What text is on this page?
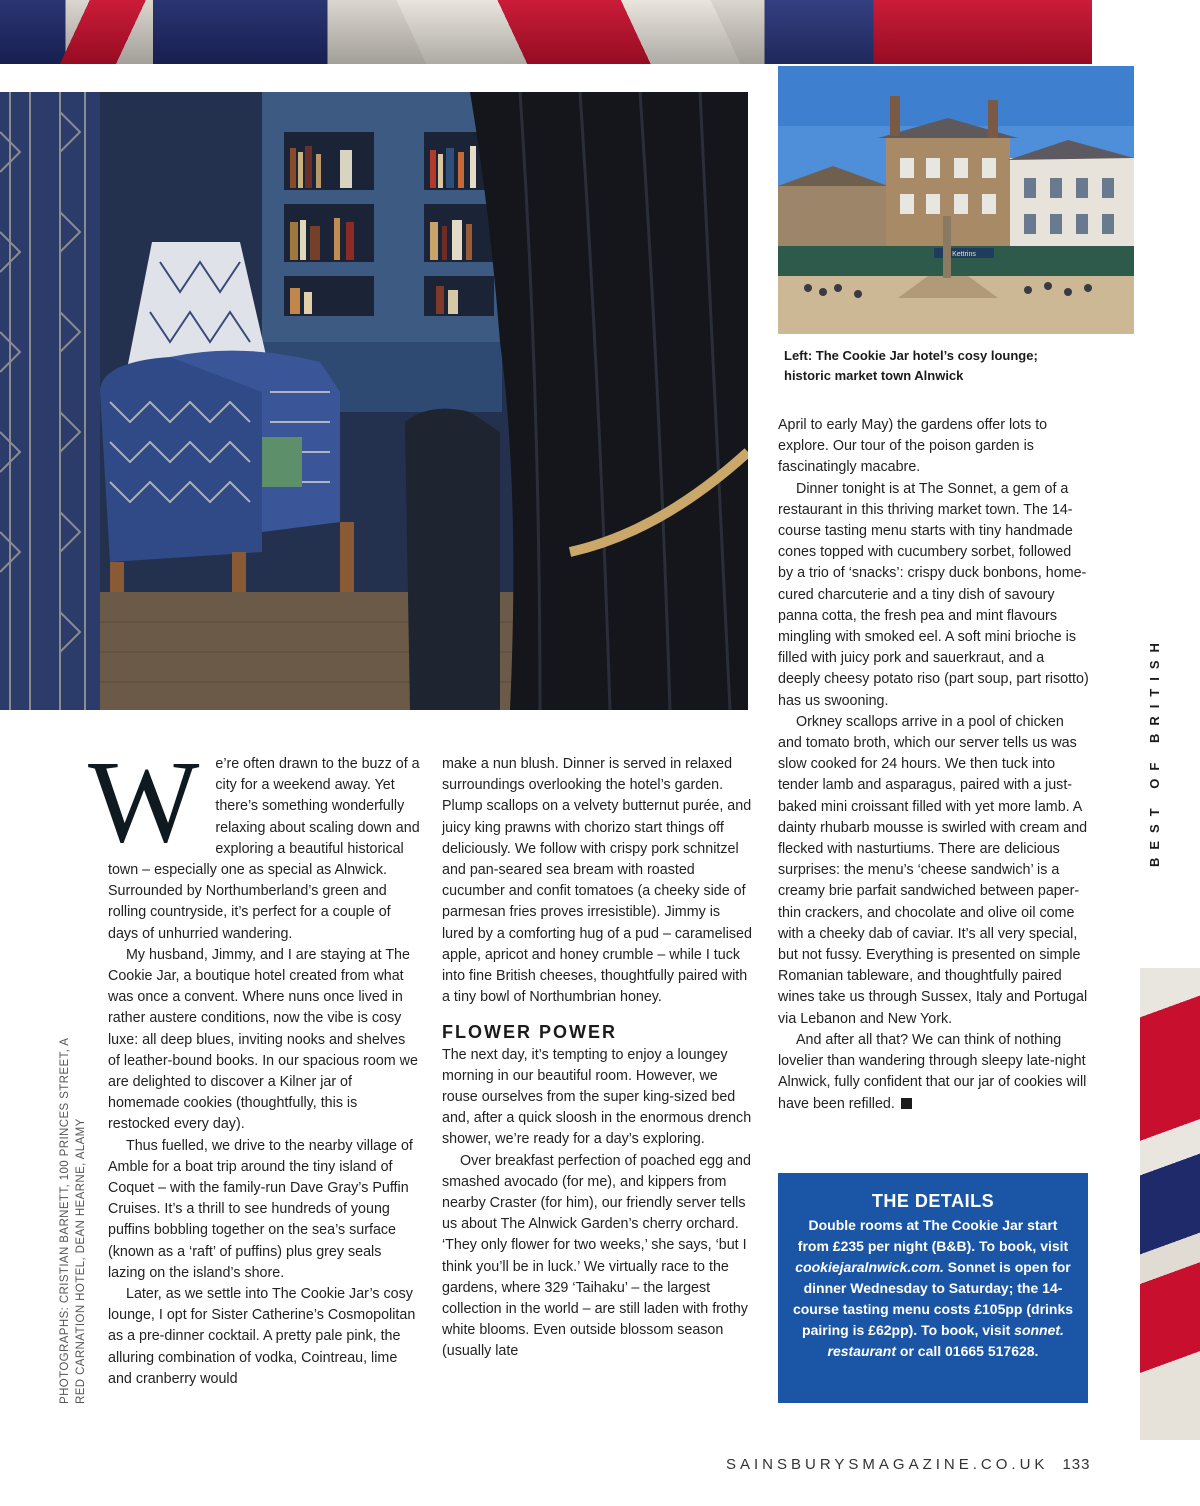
Kettrins
Left: The Cookie Jar hotel’s cosy lounge; historic market town Alnwick

W e’re often drawn to the buzz of a city for a weekend away. Yet there’s something wonderfully relaxing about scaling down and exploring a beautiful historical town – especially one as special as Alnwick. Surrounded by Northumberland’s green and rolling countryside, it’s perfect for a couple of days of unhurried wandering.

My husband, Jimmy, and I are staying at The Cookie Jar, a boutique hotel created from what was once a convent. Where nuns once lived in rather austere conditions, now the vibe is cosy luxe: all deep blues, inviting nooks and shelves of leather-bound books. In our spacious room we are delighted to discover a Kilner jar of homemade cookies (thoughtfully, this is restocked every day).

Thus fuelled, we drive to the nearby village of Amble for a boat trip around the tiny island of Coquet – with the family-run Dave Gray’s Puffin Cruises. It’s a thrill to see hundreds of young puffins bobbling together on the sea’s surface (known as a ‘raft’ of puffins) plus grey seals lazing on the island’s shore.

Later, as we settle into The Cookie Jar’s cosy lounge, I opt for Sister Catherine’s Cosmopolitan as a pre-dinner cocktail. A pretty pale pink, the alluring combination of vodka, Cointreau, lime and cranberry would

make a nun blush. Dinner is served in relaxed surroundings overlooking the hotel’s garden. Plump scallops on a velvety butternut purée, and juicy king prawns with chorizo start things off deliciously. We follow with crispy pork schnitzel and pan-seared sea bream with roasted cucumber and confit tomatoes (a cheeky side of parmesan fries proves irresistible). Jimmy is lured by a comforting hug of a pud – caramelised apple, apricot and honey crumble – while I tuck into fine British cheeses, thoughtfully paired with a tiny bowl of Northumbrian honey.

FLOWER POWER

The next day, it’s tempting to enjoy a loungey morning in our beautiful room. However, we rouse ourselves from the super king-sized bed and, after a quick sloosh in the enormous drench shower, we’re ready for a day’s exploring.

Over breakfast perfection of poached egg and smashed avocado (for me), and kippers from nearby Craster (for him), our friendly server tells us about The Alnwick Garden’s cherry orchard. ‘They only flower for two weeks,’ she says, ‘but I think you’ll be in luck.’ We virtually race to the gardens, where 329 ‘Taihaku’ – the largest collection in the world – are still laden with frothy white blooms. Even outside blossom season (usually late

April to early May) the gardens offer lots to explore. Our tour of the poison garden is fascinatingly macabre.

Dinner tonight is at The Sonnet, a gem of a restaurant in this thriving market town. The 14-course tasting menu starts with tiny handmade cones topped with cucumbery sorbet, followed by a trio of ‘snacks’: crispy duck bonbons, home-cured charcuterie and a tiny dish of savoury panna cotta, the fresh pea and mint flavours mingling with smoked eel. A soft mini brioche is filled with juicy pork and sauerkraut, and a deeply cheesy potato riso (part soup, part risotto) has us swooning.

Orkney scallops arrive in a pool of chicken and tomato broth, which our server tells us was slow cooked for 24 hours. We then tuck into tender lamb and asparagus, paired with a just-baked mini croissant filled with yet more lamb. A dainty rhubarb mousse is swirled with cream and flecked with nasturtiums. There are delicious surprises: the menu’s ‘cheese sandwich’ is a creamy brie parfait sandwiched between paper-thin crackers, and chocolate and olive oil come with a cheeky dab of caviar. It’s all very special, but not fussy. Everything is presented on simple Romanian tableware, and thoughtfully paired wines take us through Sussex, Italy and Portugal via Lebanon and New York.

And after all that? We can think of nothing lovelier than wandering through sleepy late-night Alnwick, fully confident that our jar of cookies will have been refilled.

BEST OF BRITISH
PHOTOGRAPHS: CRISTIAN BARNETT, 100 PRINCES STREET, A RED CARNATION HOTEL, DEAN HEARNE, ALAMY	THE DETAILS
Double rooms at The Cookie Jar start from £235 per night (B&B). To book, visit cookiejaralnwick.com. Sonnet is open for dinner Wednesday to Saturday; the 14-course tasting menu costs £105pp (drinks pairing is £62pp). To book, visit sonnet. restaurant or call 01665 517628.
SAINSBURYSMAGAZINE.CO.UK 133
